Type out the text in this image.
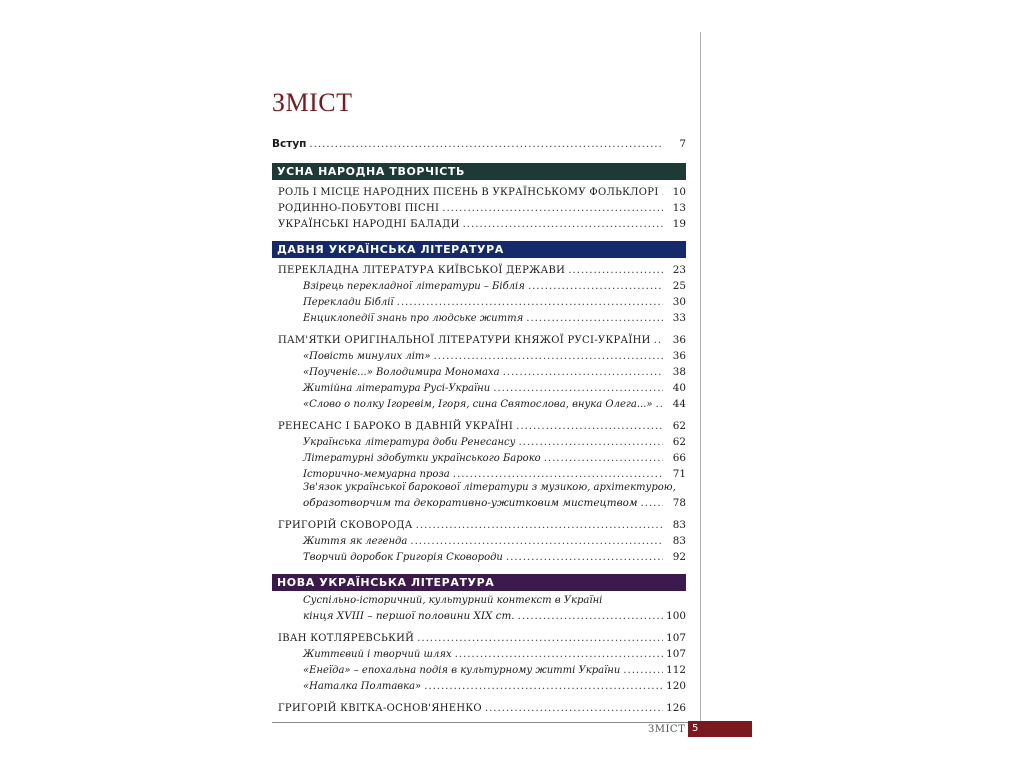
ЗМІСТ
Вступ . . .	7
УСНА НАРОДНА ТВОРЧІСТЬ
РОЛЬ І МІСЦЕ НАРОДНИХ ПІСЕНЬ В УКРАЇНСЬКОМУ ФОЛЬКЛОРІ . . .	10
РОДИННО-ПОБУТОВІ ПІСНІ . . .	13
УКРАЇНСЬКІ НАРОДНІ БАЛАДИ . . .	19
ДАВНЯ УКРАЇНСЬКА ЛІТЕРАТУРА
ПЕРЕКЛАДНА ЛІТЕРАТУРА КИЇВСЬКОЇ ДЕРЖАВИ . . .	23
Взірець перекладної літератури – Біблія . . .	25
Переклади Біблії . . .	30
Енциклопедії знань про людське життя . . .	33
ПАМ'ЯТКИ ОРИГІНАЛЬНОЇ ЛІТЕРАТУРИ КНЯЖОЇ РУСІ-УКРАЇНИ . . .	36
«Повість минулих літ» . . .	36
«Поученіє...» Володимира Мономаха . . .	38
Житійна література Русі-України . . .	40
«Слово о полку Ігоревім, Ігоря, сина Святослова, внука Олега...» . . .	44
РЕНЕСАНС І БАРОКО В ДАВНІЙ УКРАЇНІ . . .	62
Українська література доби Ренесансу . . .	62
Літературні здобутки українського Бароко . . .	66
Історично-мемуарна проза . . .	71
Зв'язок української барокової літератури з музикою, архітектурою,
образотворчим та декоративно-ужитковим мистецтвом . . .	78
ГРИГОРІЙ СКОВОРОДА . . .	83
Життя як легенда . . .	83
Творчий доробок Григорія Сковороди . . .	92
НОВА УКРАЇНСЬКА ЛІТЕРАТУРА
Суспільно-історичний, культурний контекст в Україні
кінця XVIII – першої половини XIX ст. . . .	100
ІВАН КОТЛЯРЕВСЬКИЙ . . .	107
Життєвий і творчий шлях . . .	107
«Енеїда» – епохальна подія в культурному житті України . . .	112
«Наталка Полтавка» . . .	120
ГРИГОРІЙ КВІТКА-ОСНОВ'ЯНЕНКО . . .	126
ЗМІСТ 5
